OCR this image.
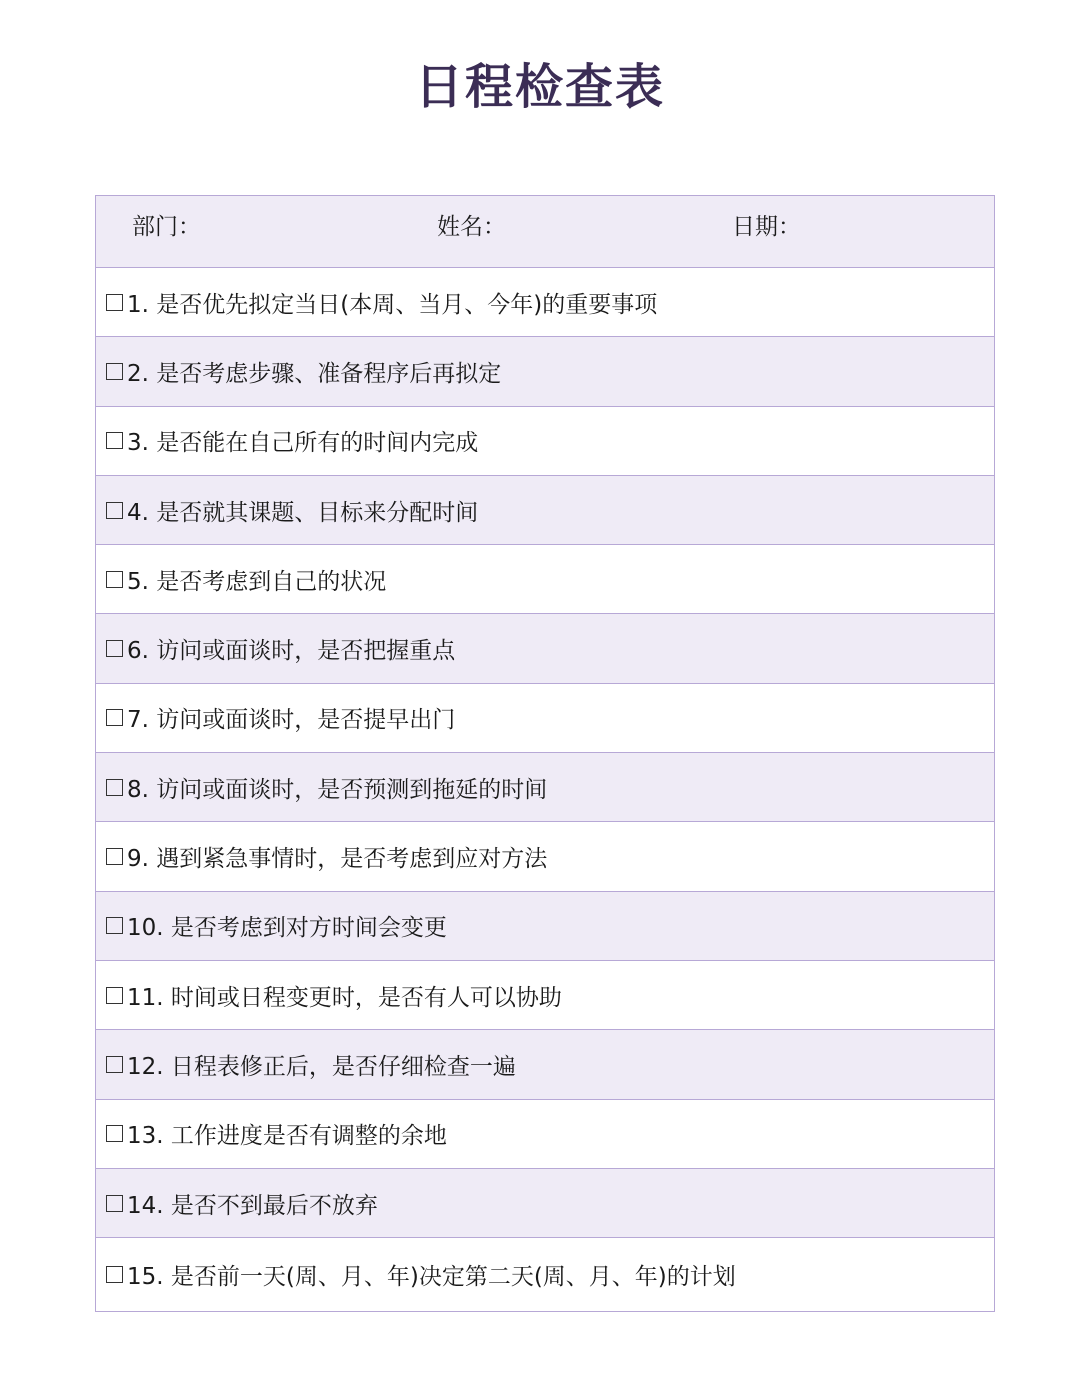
日程检查表
部门：	姓名：	日期：
1. 是否优先拟定当日(本周、当月、今年)的重要事项
2. 是否考虑步骤、准备程序后再拟定
3. 是否能在自己所有的时间内完成
4. 是否就其课题、目标来分配时间
5. 是否考虑到自己的状况
6. 访问或面谈时，是否把握重点
7. 访问或面谈时，是否提早出门
8. 访问或面谈时，是否预测到拖延的时间
9. 遇到紧急事情时，是否考虑到应对方法
10. 是否考虑到对方时间会变更
11. 时间或日程变更时，是否有人可以协助
12. 日程表修正后，是否仔细检查一遍
13. 工作进度是否有调整的余地
14. 是否不到最后不放弃
15. 是否前一天(周、月、年)决定第二天(周、月、年)的计划
